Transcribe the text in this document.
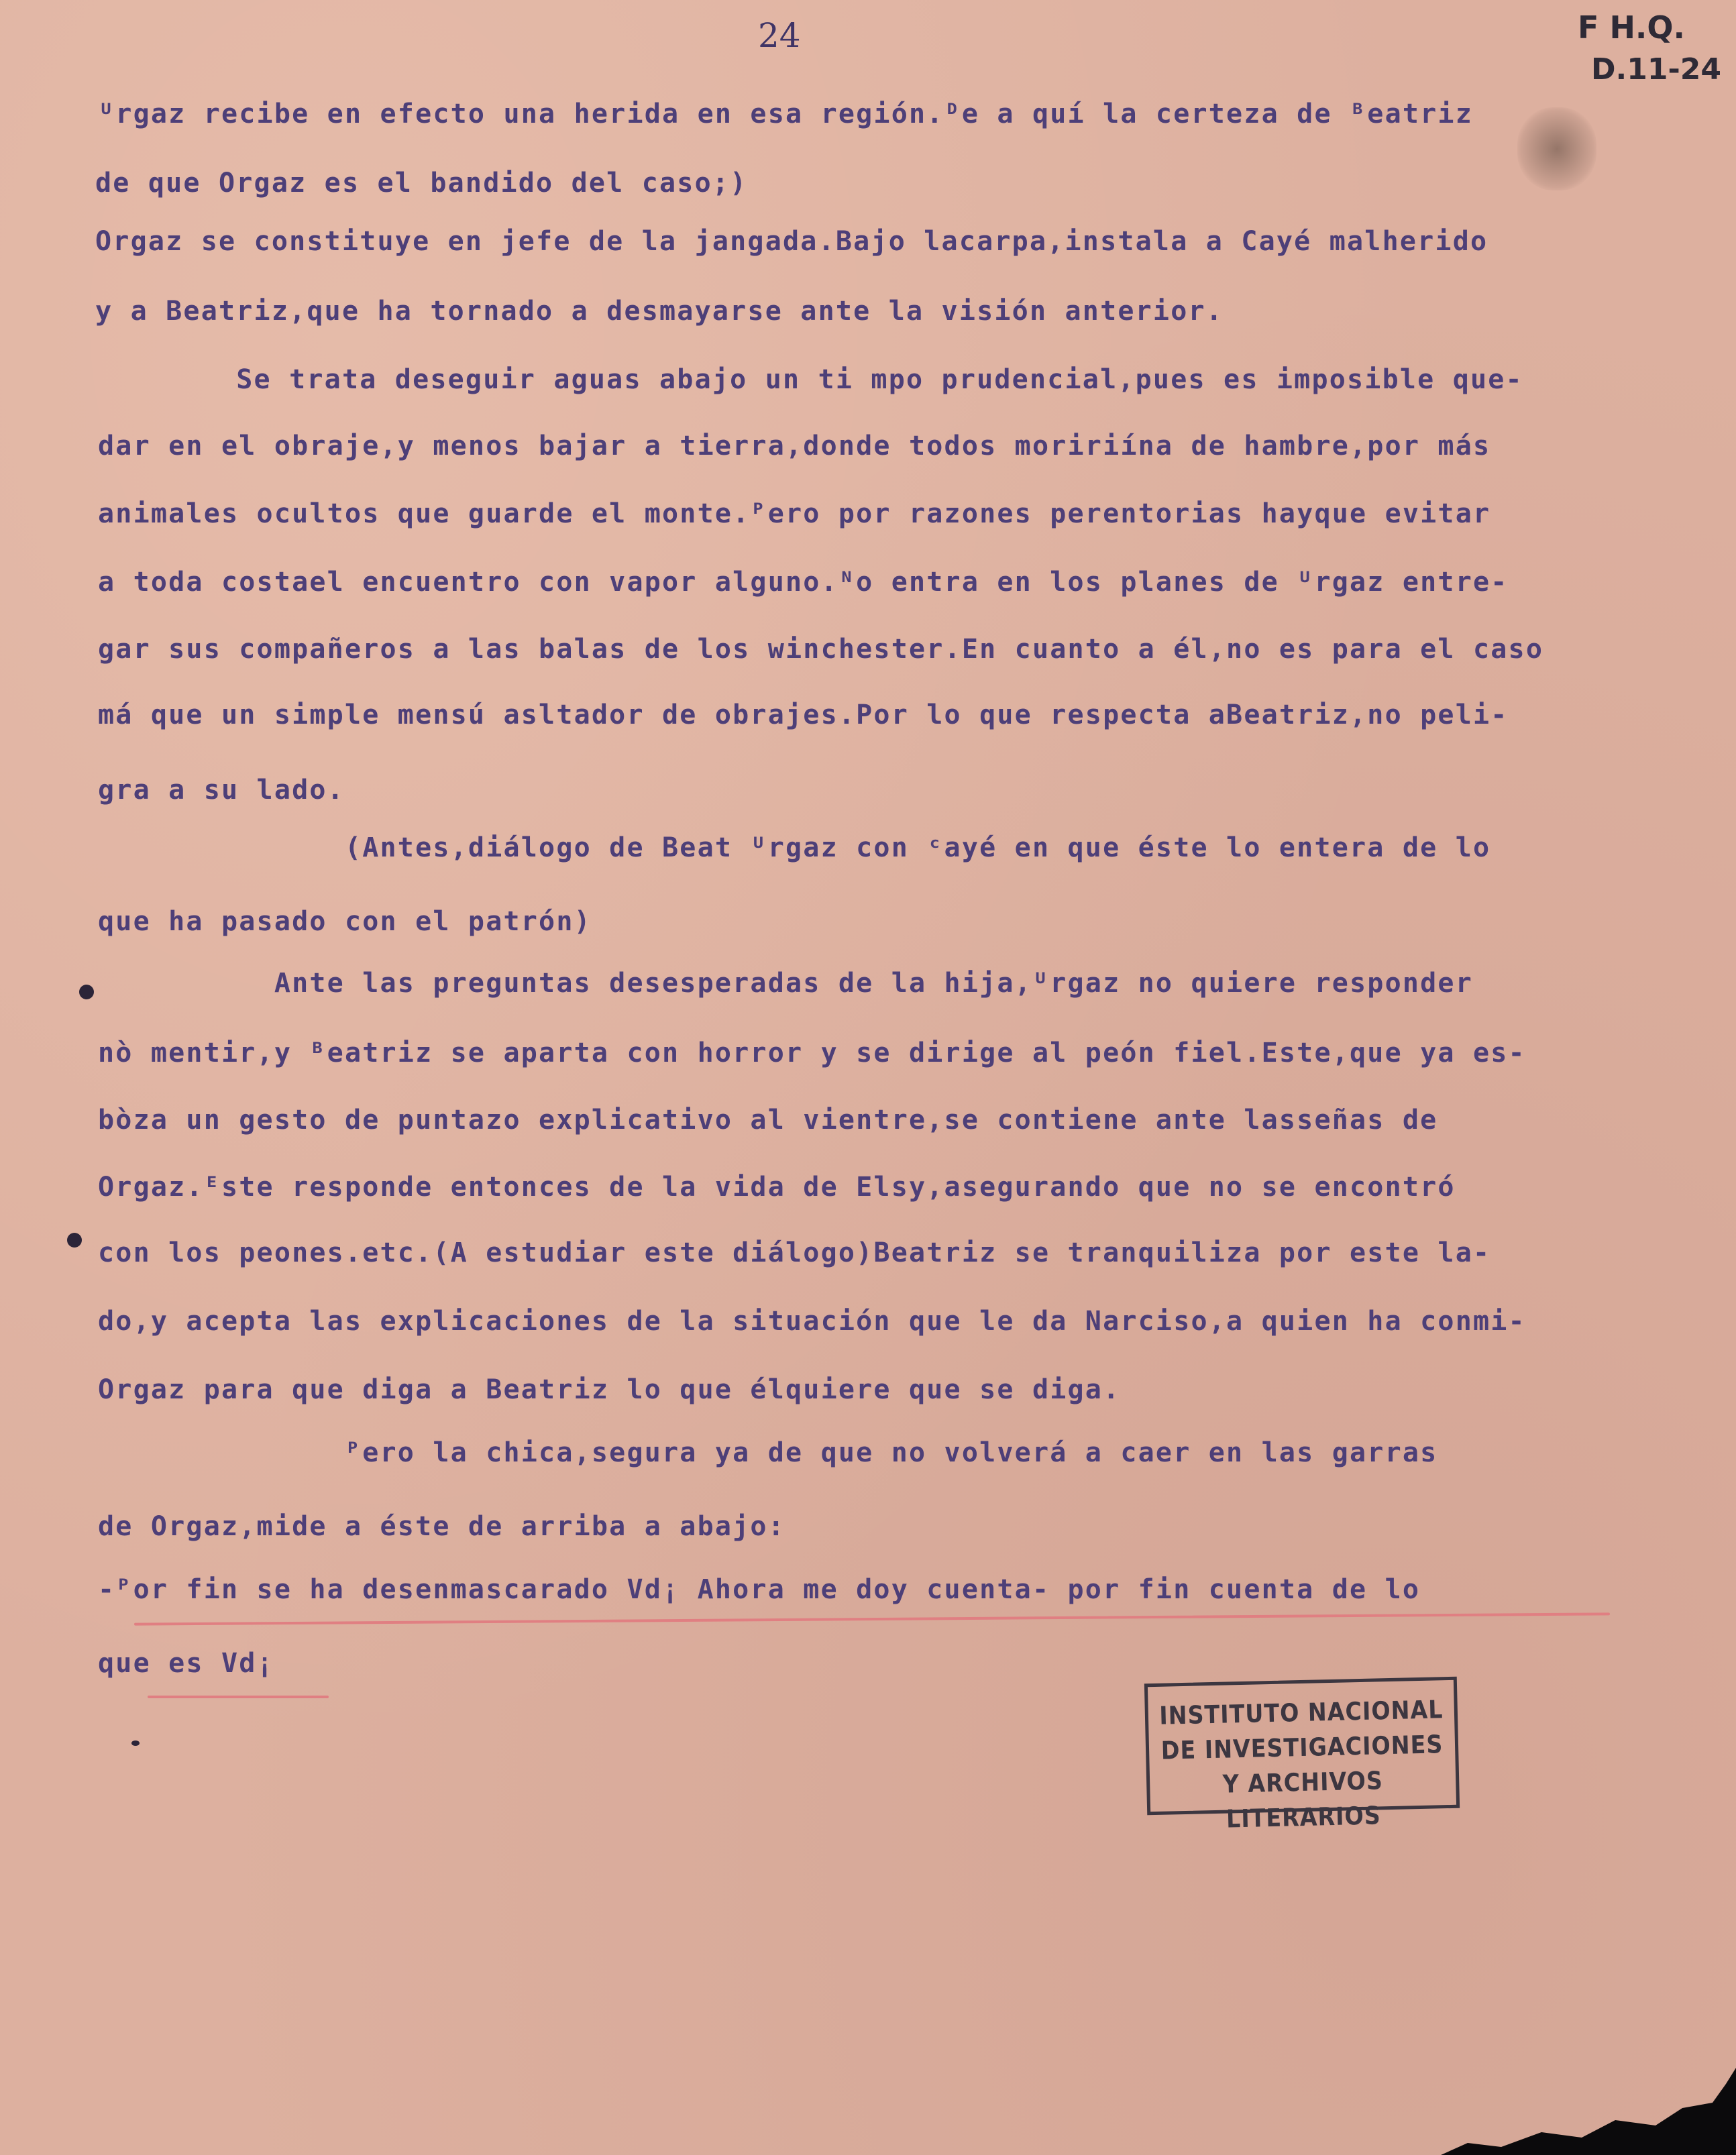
24	F H.Q.
D.11-24
ᵁrgaz recibe en efecto una herida en esa región.ᴰe a quí la certeza de ᴮeatriz
de que Orgaz es el bandido del caso;)
Orgaz se constituye en jefe de la jangada.Bajo lacarpa,instala a Cayé malherido
y a Beatriz,que ha tornado a desmayarse ante la visión anterior.
Se trata deseguir aguas abajo un ti mpo prudencial,pues es imposible que-
dar en el obraje,y menos bajar a tierra,donde todos moririína de hambre,por más
animales ocultos que guarde el monte.ᴾero por razones perentorias hayque evitar
a toda costael encuentro con vapor alguno.ᴺo entra en los planes de ᵁrgaz entre-
gar sus compañeros a las balas de los winchester.En cuanto a él,no es para el caso
má que un simple mensú asltador de obrajes.Por lo que respecta aBeatriz,no peli-
gra a su lado.
(Antes,diálogo de Beat ᵁrgaz con ᶜayé en que éste lo entera de lo
que ha pasado con el patrón)
Ante las preguntas desesperadas de la hija,ᵁrgaz no quiere responder
nò mentir,y ᴮeatriz se aparta con horror y se dirige al peón fiel.Este,que ya es-
bòza un gesto de puntazo explicativo al vientre,se contiene ante lasseñas de
Orgaz.ᴱste responde entonces de la vida de Elsy,asegurando que no se encontró
con los peones.etc.(A estudiar este diálogo)Beatriz se tranquiliza por este la-
do,y acepta las explicaciones de la situación que le da Narciso,a quien ha conmi-
Orgaz para que diga a Beatriz lo que élquiere que se diga.
ᴾero la chica,segura ya de que no volverá a caer en las garras
de Orgaz,mide a éste de arriba a abajo:
-ᴾor fin se ha desenmascarado Vd¡ Ahora me doy cuenta- por fin cuenta de lo
que es Vd¡
INSTITUTO NACIONAL
DE INVESTIGACIONES
Y ARCHIVOS LITERARIOS
